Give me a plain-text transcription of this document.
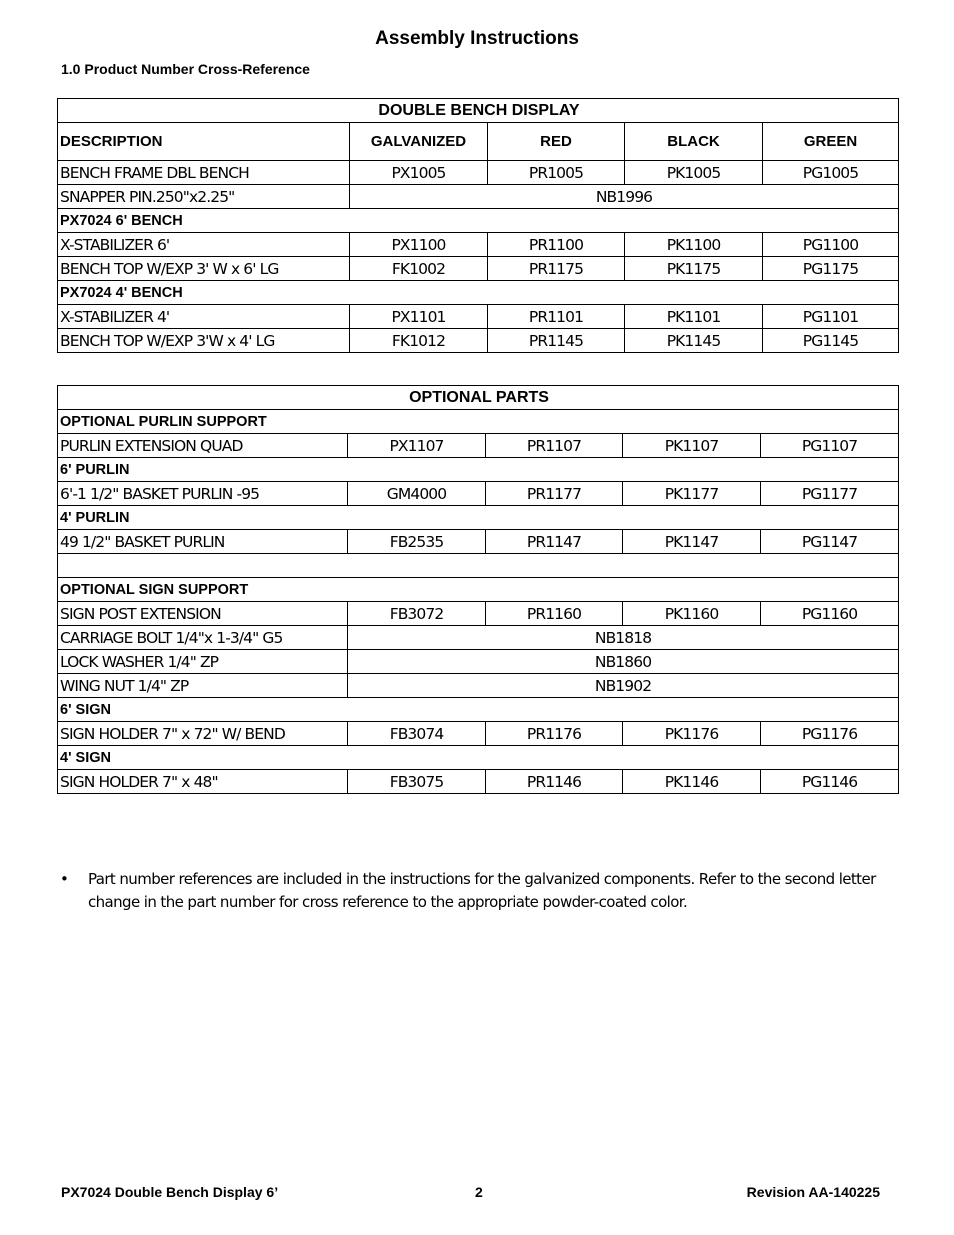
Assembly Instructions
1.0 Product Number Cross-Reference
DOUBLE BENCH DISPLAY				
DESCRIPTION	GALVANIZED	RED	BLACK	GREEN
BENCH FRAME DBL BENCH	PX1005	PR1005	PK1005	PG1005
SNAPPER PIN.250"x2.25"	NB1996			
PX7024 6' BENCH				
X-STABILIZER 6'	PX1100	PR1100	PK1100	PG1100
BENCH TOP W/EXP 3' W x 6' LG	FK1002	PR1175	PK1175	PG1175
PX7024 4' BENCH				
X-STABILIZER 4'	PX1101	PR1101	PK1101	PG1101
BENCH TOP W/EXP 3'W x 4' LG	FK1012	PR1145	PK1145	PG1145
OPTIONAL PARTS				
OPTIONAL PURLIN SUPPORT				
PURLIN EXTENSION QUAD	PX1107	PR1107	PK1107	PG1107
6' PURLIN				
6'-1 1/2" BASKET PURLIN -95	GM4000	PR1177	PK1177	PG1177
4' PURLIN				
49 1/2" BASKET PURLIN	FB2535	PR1147	PK1147	PG1147

OPTIONAL SIGN SUPPORT				
SIGN POST EXTENSION	FB3072	PR1160	PK1160	PG1160
CARRIAGE BOLT 1/4"x 1-3/4" G5	NB1818			
LOCK WASHER 1/4" ZP	NB1860			
WING NUT 1/4" ZP	NB1902			
6' SIGN				
SIGN HOLDER 7" x 72" W/ BEND	FB3074	PR1176	PK1176	PG1176
4' SIGN				
SIGN HOLDER 7" x 48"	FB3075	PR1146	PK1146	PG1146
• Part number references are included in the instructions for the galvanized components. Refer to the second letter change in the part number for cross reference to the appropriate powder-coated color.
PX7024 Double Bench Display 6’	2	Revision AA-140225
